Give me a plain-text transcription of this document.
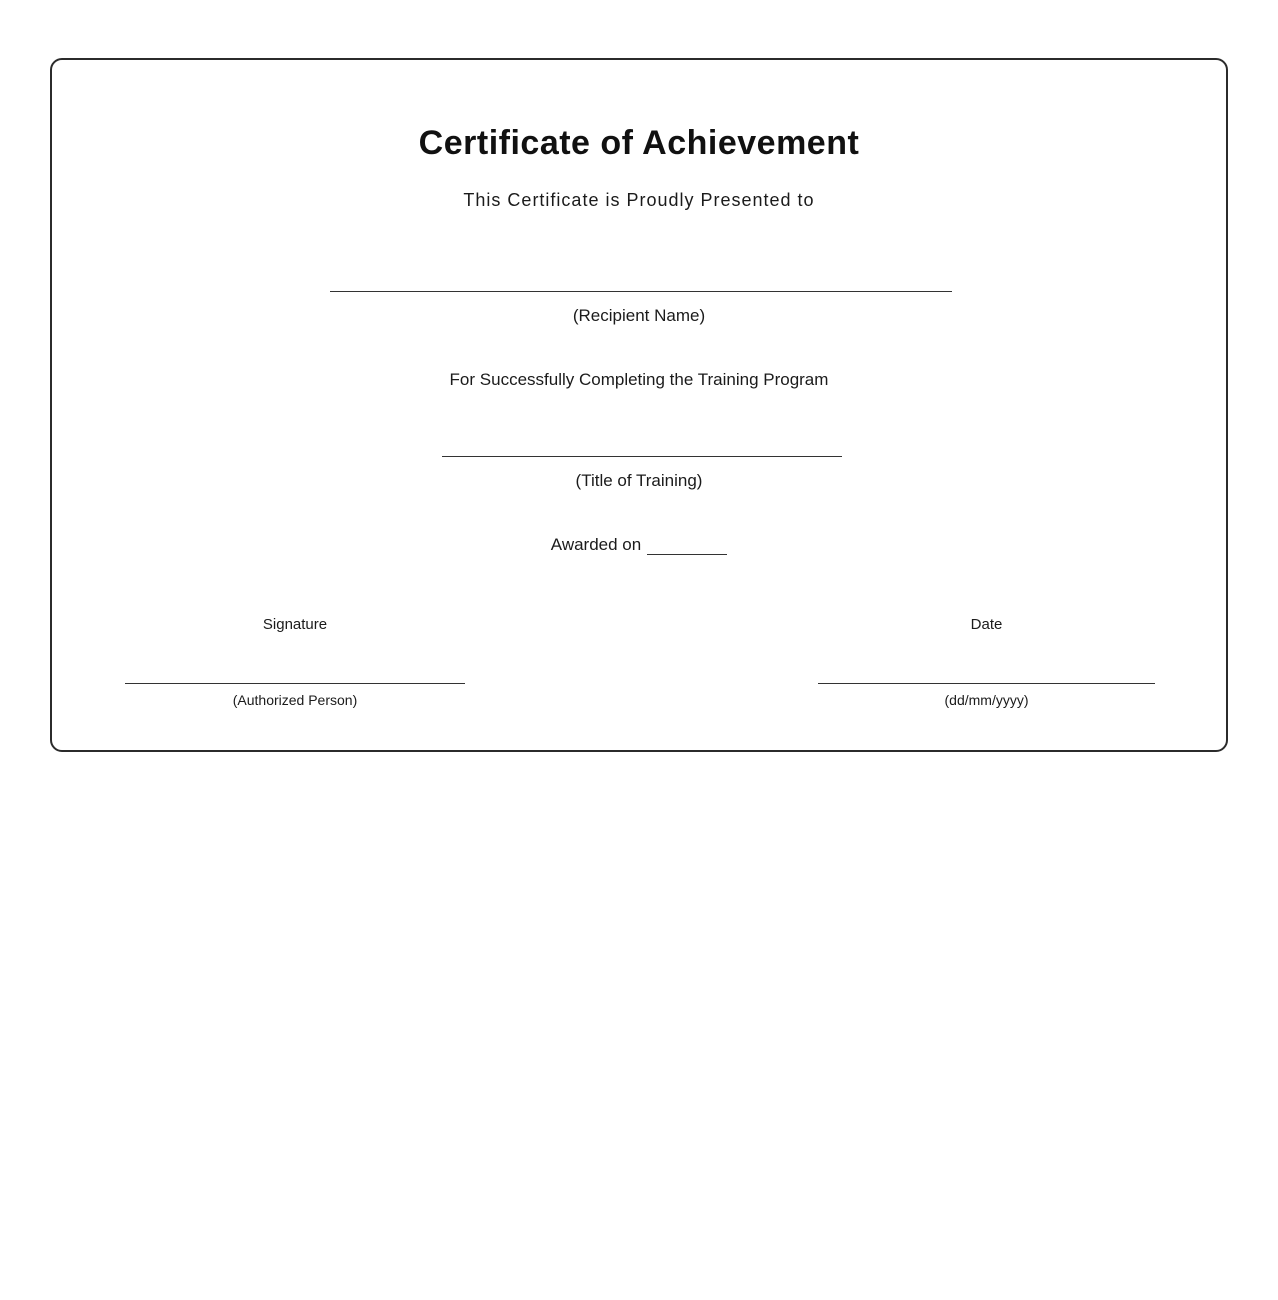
Certificate of Achievement
This Certificate is Proudly Presented to
(Recipient Name)
For Successfully Completing the Training Program
(Title of Training)
Awarded on
Signature
(Authorized Person)
Date
(dd/mm/yyyy)
